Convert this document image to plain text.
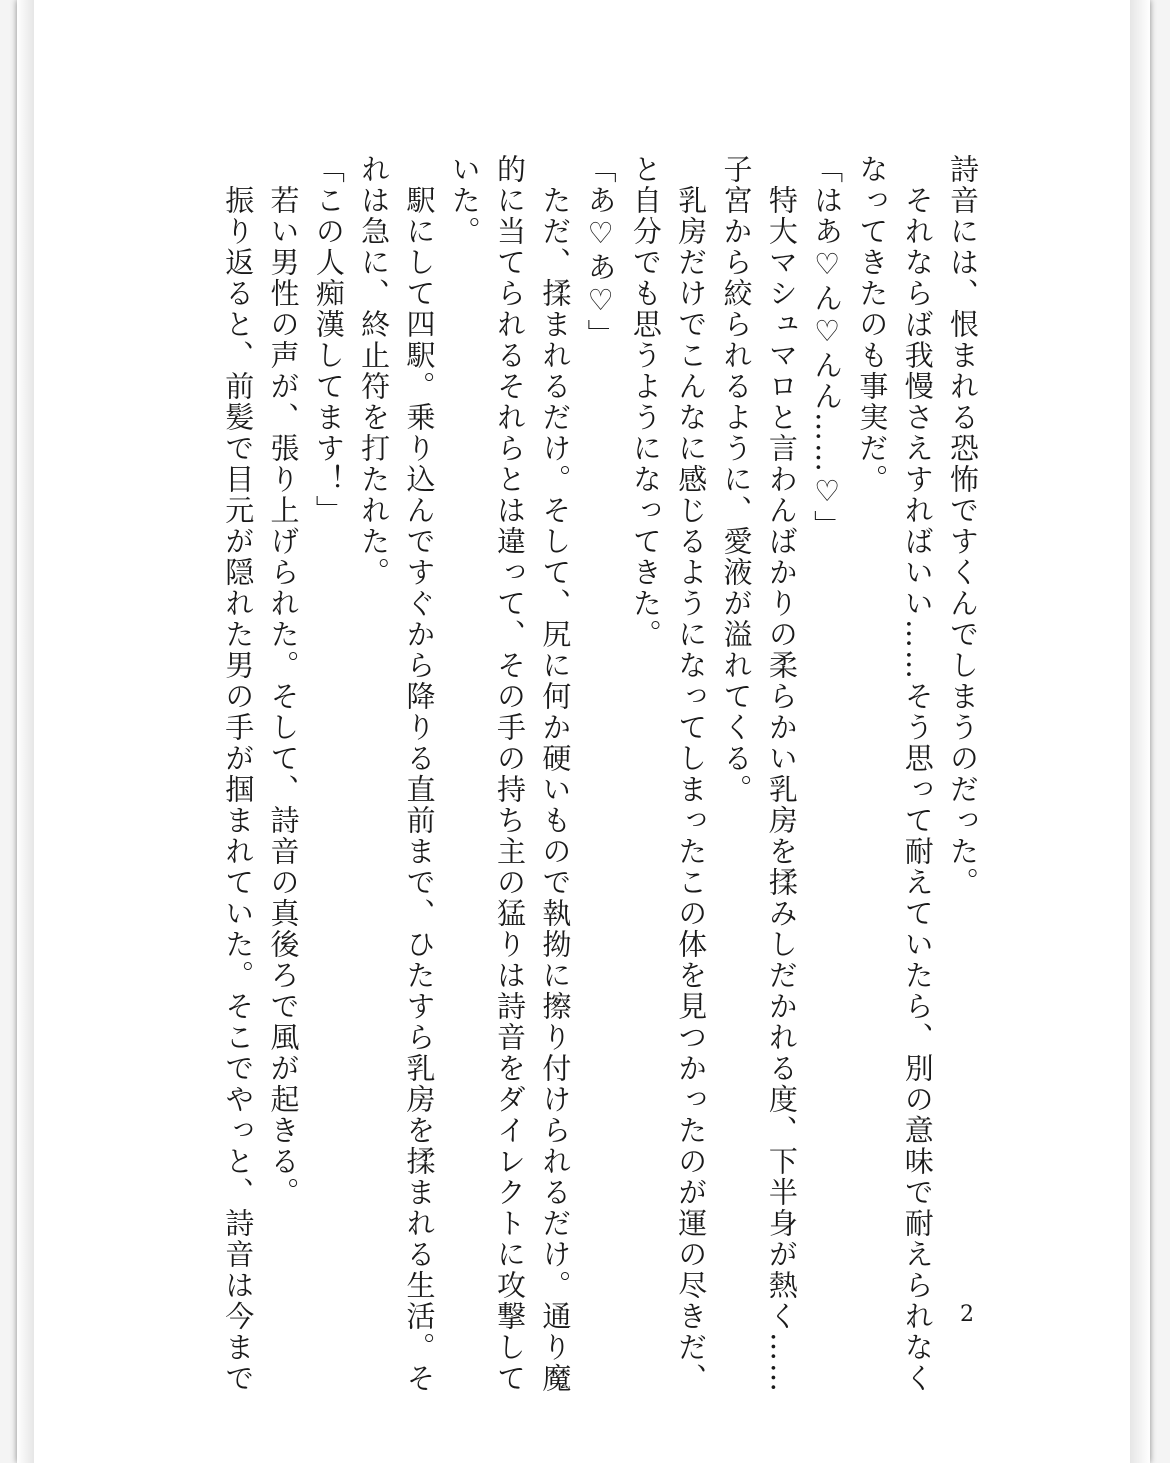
詩音には、恨まれる恐怖ですくんでしまうのだった。
　それならば我慢さえすればいい……そう思って耐えていたら、別の意味で耐えられなく
なってきたのも事実だ。
「はあ♡ん♡んん……♡」
　特大マシュマロと言わんばかりの柔らかい乳房を揉みしだかれる度、下半身が熱く……
子宮から絞られるように、愛液が溢れてくる。
　乳房だけでこんなに感じるようになってしまったこの体を見つかったのが運の尽きだ、
と自分でも思うようになってきた。
「あ♡あ♡」
　ただ、揉まれるだけ。そして、尻に何か硬いもので執拗に擦り付けられるだけ。通り魔
的に当てられるそれらとは違って、その手の持ち主の猛りは詩音をダイレクトに攻撃して
いた。
　駅にして四駅。乗り込んですぐから降りる直前まで、ひたすら乳房を揉まれる生活。そ
れは急に、終止符を打たれた。
「この人痴漢してます！」
　若い男性の声が、張り上げられた。そして、詩音の真後ろで風が起きる。
　振り返ると、前髪で目元が隠れた男の手が掴まれていた。そこでやっと、詩音は今まで	2
